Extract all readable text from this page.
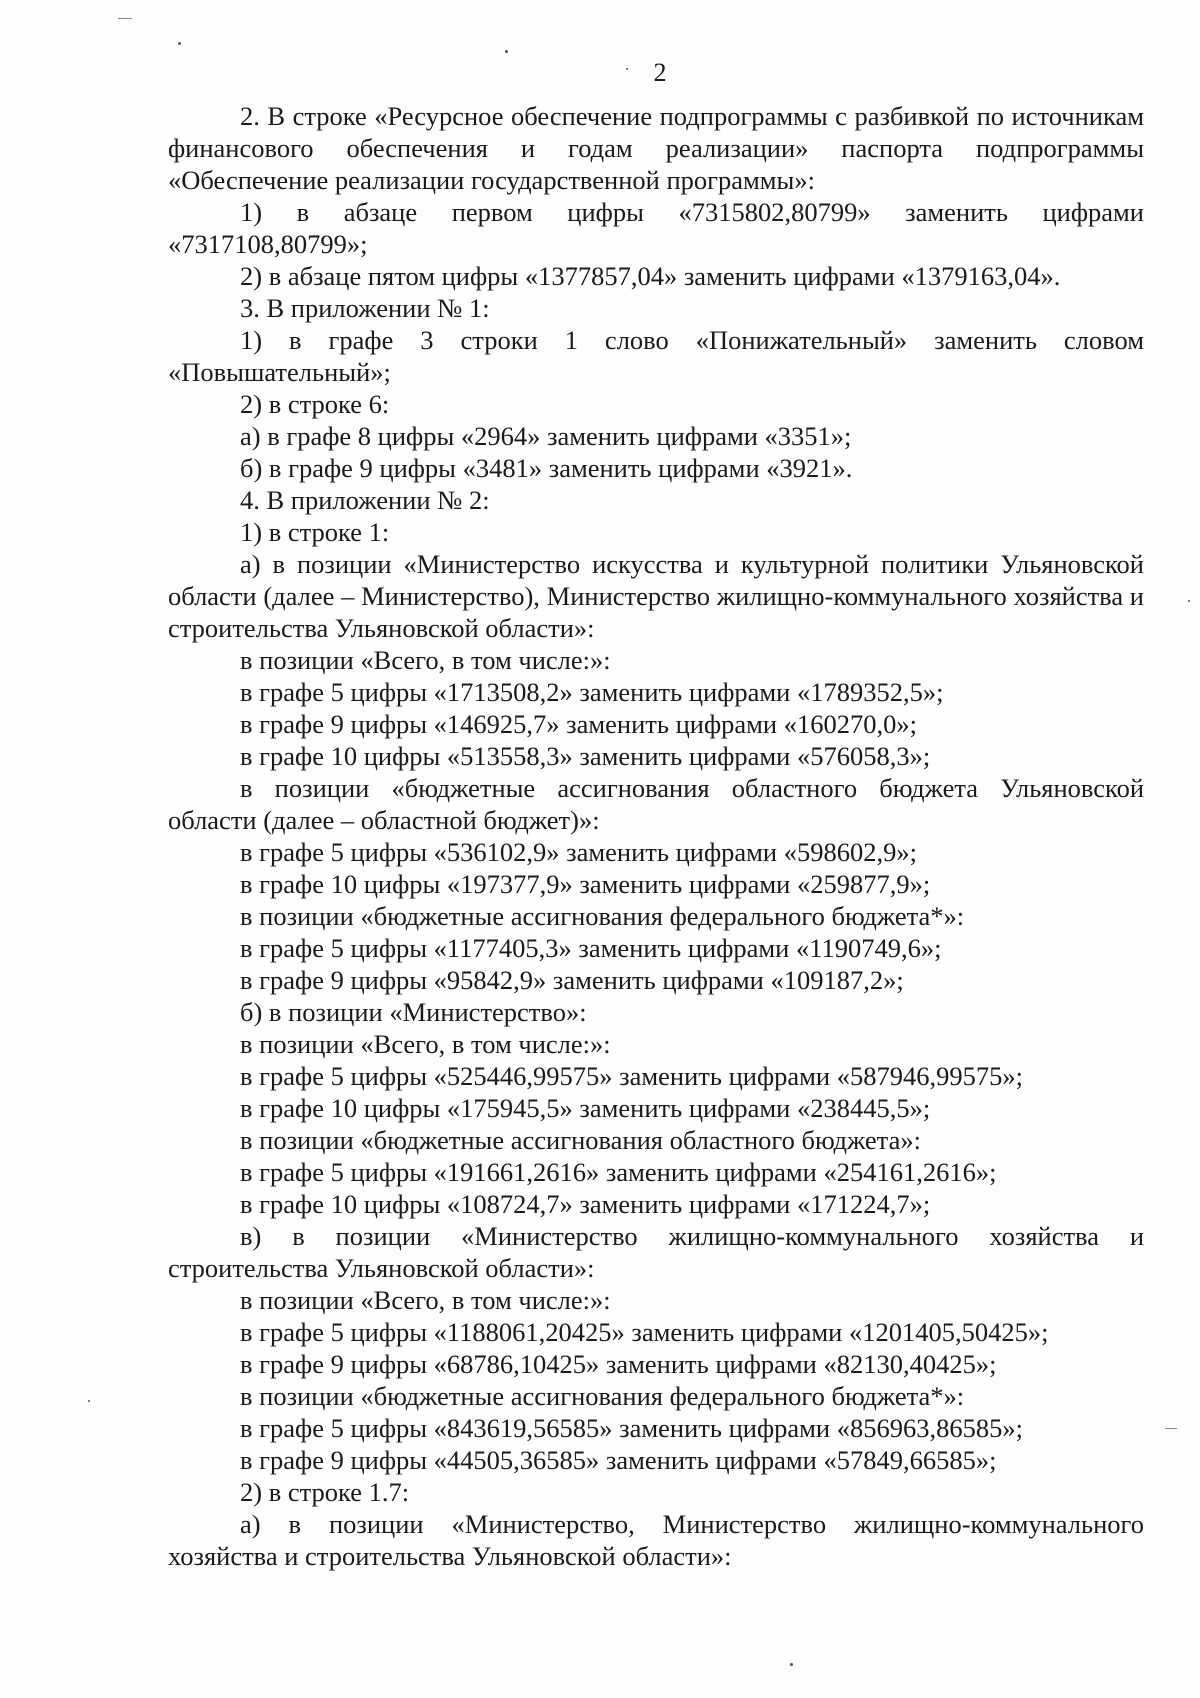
2

2. В строке «Ресурсное обеспечение подпрограммы с разбивкой по источникам финансового обеспечения и годам реализации» паспорта подпрограммы «Обеспечение реализации государственной программы»:

1) в абзаце первом цифры «7315802,80799» заменить цифрами «7317108,80799»;

2) в абзаце пятом цифры «1377857,04» заменить цифрами «1379163,04».

3. В приложении № 1:

1) в графе 3 строки 1 слово «Понижательный» заменить словом «Повышательный»;

2) в строке 6:

а) в графе 8 цифры «2964» заменить цифрами «3351»;

б) в графе 9 цифры «3481» заменить цифрами «3921».

4. В приложении № 2:

1) в строке 1:

а) в позиции «Министерство искусства и культурной политики Ульяновской области (далее – Министерство), Министерство жилищно-коммунального хозяйства и строительства Ульяновской области»:

в позиции «Всего, в том числе:»:

в графе 5 цифры «1713508,2» заменить цифрами «1789352,5»;

в графе 9 цифры «146925,7» заменить цифрами «160270,0»;

в графе 10 цифры «513558,3» заменить цифрами «576058,3»;

в позиции «бюджетные ассигнования областного бюджета Ульяновской области (далее – областной бюджет)»:

в графе 5 цифры «536102,9» заменить цифрами «598602,9»;

в графе 10 цифры «197377,9» заменить цифрами «259877,9»;

в позиции «бюджетные ассигнования федерального бюджета*»:

в графе 5 цифры «1177405,3» заменить цифрами «1190749,6»;

в графе 9 цифры «95842,9» заменить цифрами «109187,2»;

б) в позиции «Министерство»:

в позиции «Всего, в том числе:»:

в графе 5 цифры «525446,99575» заменить цифрами «587946,99575»;

в графе 10 цифры «175945,5» заменить цифрами «238445,5»;

в позиции «бюджетные ассигнования областного бюджета»:

в графе 5 цифры «191661,2616» заменить цифрами «254161,2616»;

в графе 10 цифры «108724,7» заменить цифрами «171224,7»;

в) в позиции «Министерство жилищно-коммунального хозяйства и строительства Ульяновской области»:

в позиции «Всего, в том числе:»:

в графе 5 цифры «1188061,20425» заменить цифрами «1201405,50425»;

в графе 9 цифры «68786,10425» заменить цифрами «82130,40425»;

в позиции «бюджетные ассигнования федерального бюджета*»:

в графе 5 цифры «843619,56585» заменить цифрами «856963,86585»;

в графе 9 цифры «44505,36585» заменить цифрами «57849,66585»;

2) в строке 1.7:

а) в позиции «Министерство, Министерство жилищно-коммунального хозяйства и строительства Ульяновской области»:
